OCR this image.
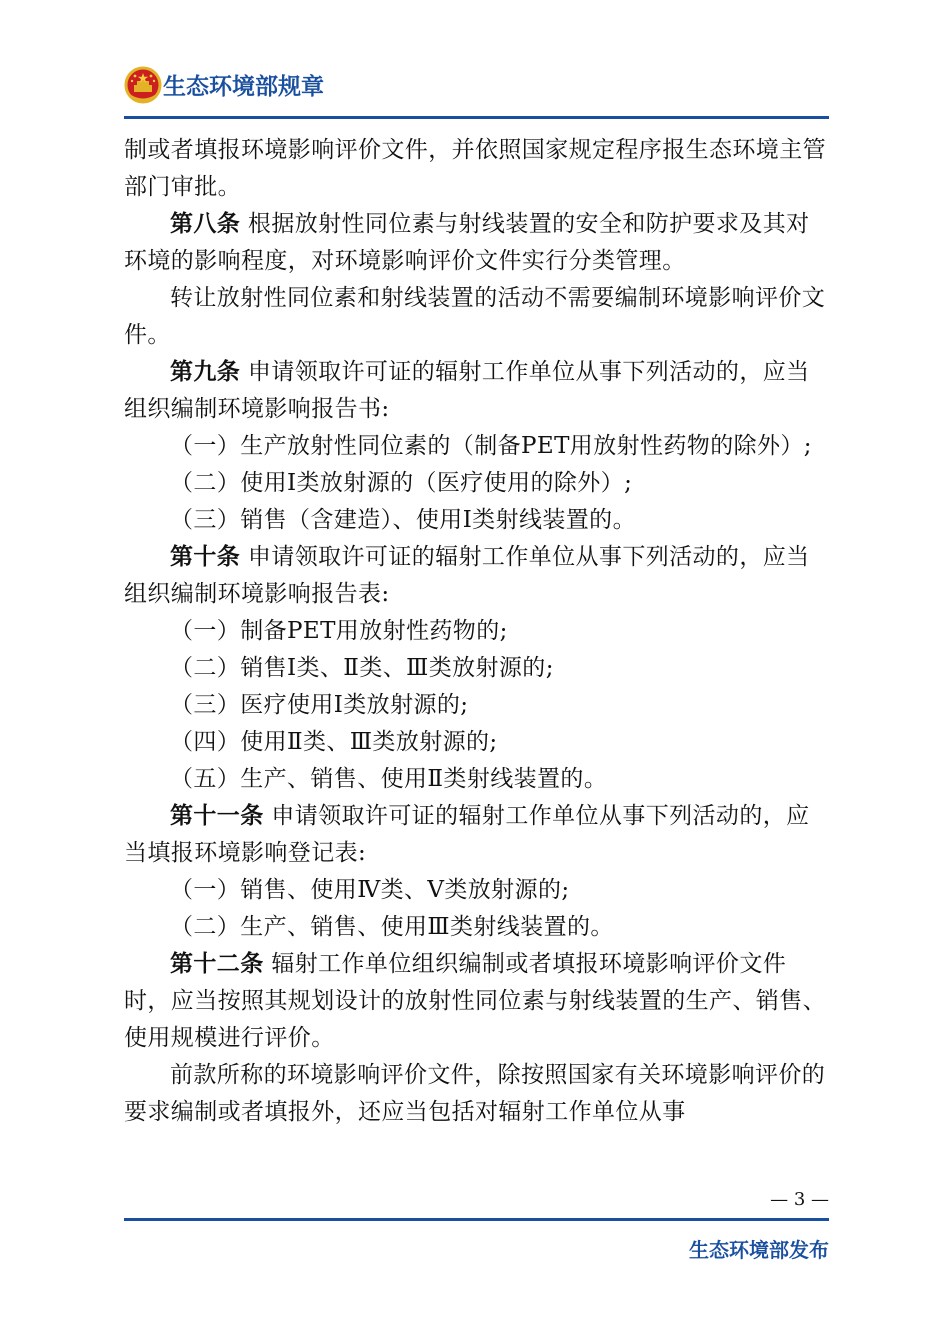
生态环境部规章

制或者填报环境影响评价文件，并依照国家规定程序报生态环境主管部门审批。

第八条 根据放射性同位素与射线装置的安全和防护要求及其对环境的影响程度，对环境影响评价文件实行分类管理。

转让放射性同位素和射线装置的活动不需要编制环境影响评价文件。

第九条 申请领取许可证的辐射工作单位从事下列活动的，应当组织编制环境影响报告书:

（一）生产放射性同位素的（制备PET用放射性药物的除外）;

（二）使用Ⅰ类放射源的（医疗使用的除外）;

（三）销售（含建造）、使用Ⅰ类射线装置的。

第十条 申请领取许可证的辐射工作单位从事下列活动的，应当组织编制环境影响报告表:

（一）制备PET用放射性药物的;

（二）销售Ⅰ类、Ⅱ类、Ⅲ类放射源的;

（三）医疗使用Ⅰ类放射源的;

（四）使用Ⅱ类、Ⅲ类放射源的;

（五）生产、销售、使用Ⅱ类射线装置的。

第十一条 申请领取许可证的辐射工作单位从事下列活动的，应当填报环境影响登记表:

（一）销售、使用Ⅳ类、Ⅴ类放射源的;

（二）生产、销售、使用Ⅲ类射线装置的。

第十二条 辐射工作单位组织编制或者填报环境影响评价文件时，应当按照其规划设计的放射性同位素与射线装置的生产、销售、使用规模进行评价。

前款所称的环境影响评价文件，除按照国家有关环境影响评价的要求编制或者填报外，还应当包括对辐射工作单位从事

— 3 —
生态环境部发布
